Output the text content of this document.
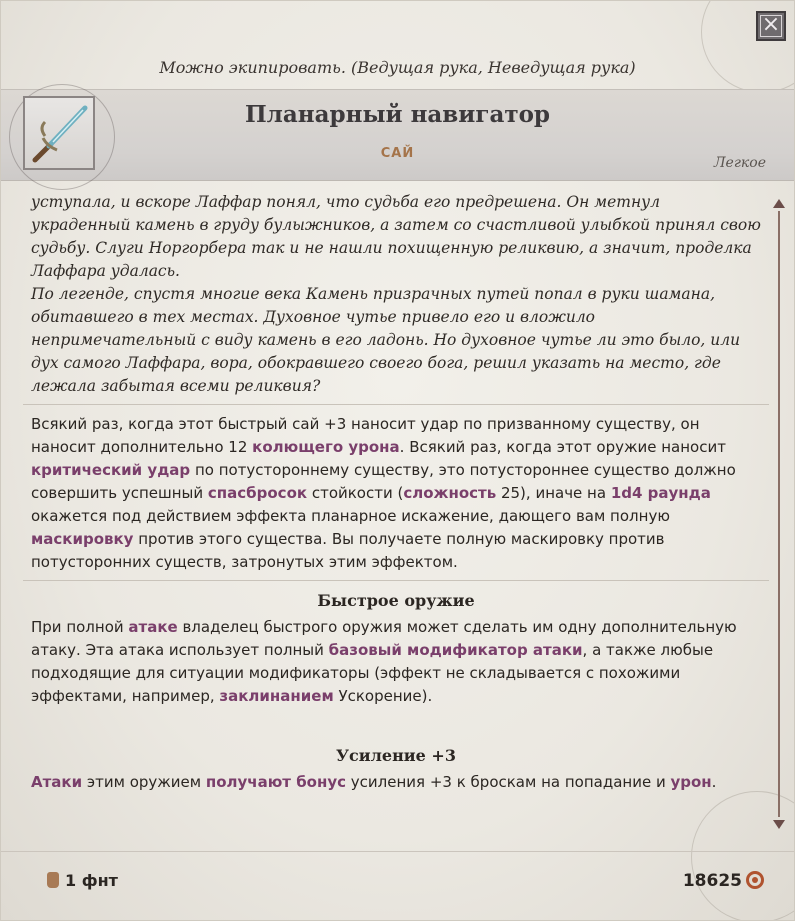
×
Можно экипировать. (Ведущая рука, Неведущая рука)
Планарный навигатор
САЙ
Легкое

уступала, и вскоре Лаффар понял, что судьба его предрешена. Он метнул украденный камень в груду булыжников, а затем со счастливой улыбкой принял свою судьбу. Слуги Норгорбера так и не нашли похищенную реликвию, а значит, проделка Лаффара удалась.

По легенде, спустя многие века Камень призрачных путей попал в руки шамана, обитавшего в тех местах. Духовное чутье привело его и вложило непримечательный с виду камень в его ладонь. Но духовное чутье ли это было, или дух самого Лаффара, вора, обокравшего своего бога, решил указать на место, где лежала забытая всеми реликвия?

Всякий раз, когда этот быстрый сай +3 наносит удар по призванному существу, он наносит дополнительно 12 колющего урона. Всякий раз, когда этот оружие наносит критический удар по потустороннему существу, это потустороннее существо должно совершить успешный спасбросок стойкости (сложность 25), иначе на 1d4 раунда окажется под действием эффекта планарное искажение, дающего вам полную маскировку против этого существа. Вы получаете полную маскировку против потусторонних существ, затронутых этим эффектом.

Быстрое оружие

При полной атаке владелец быстрого оружия может сделать им одну дополнительную атаку. Эта атака использует полный базовый модификатор атаки, а также любые подходящие для ситуации модификаторы (эффект не складывается с похожими эффектами, например, заклинанием Ускорение).

Усиление +3

Атаки этим оружием получают бонус усиления +3 к броскам на попадание и урон.

1 фнт	18625
